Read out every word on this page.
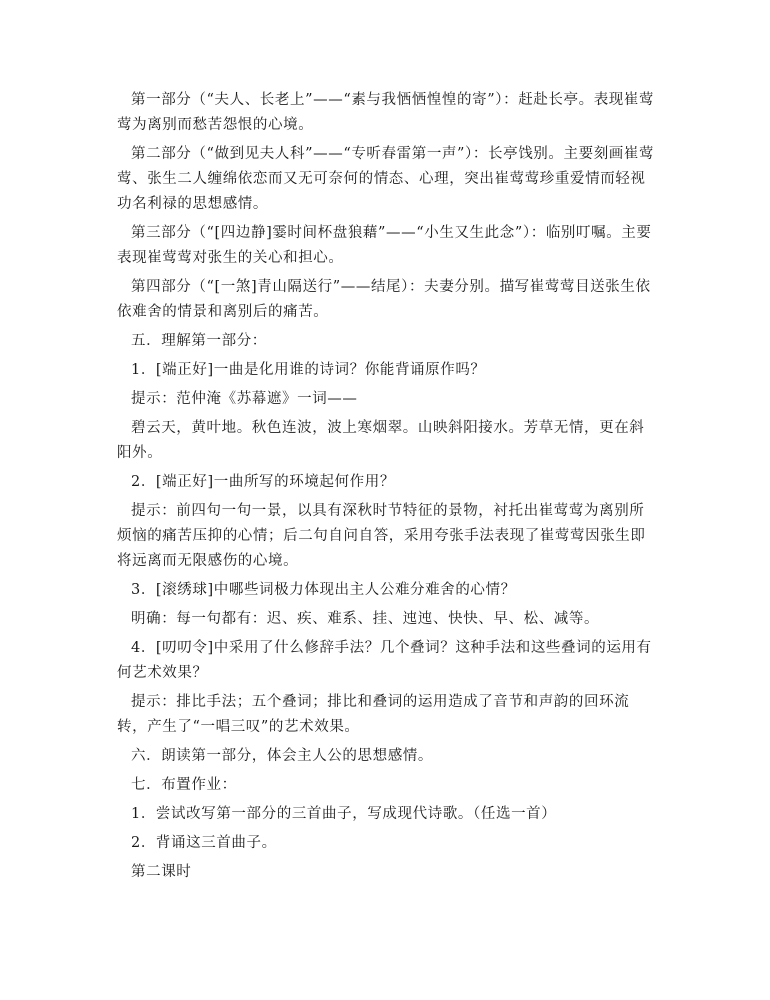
第一部分（“夫人、长老上”——“素与我恓恓惶惶的寄”）：赶赴长亭。表现崔莺莺为离别而愁苦怨恨的心境。

第二部分（“做到见夫人科”——“专听春雷第一声”）：长亭饯别。主要刻画崔莺莺、张生二人缠绵依恋而又无可奈何的情态、心理，突出崔莺莺珍重爱情而轻视功名利禄的思想感情。

第三部分（“[四边静]霎时间杯盘狼藉”——“小生又生此念”）：临别叮嘱。主要表现崔莺莺对张生的关心和担心。

第四部分（“[一煞]青山隔送行”——结尾）：夫妻分别。描写崔莺莺目送张生依依难舍的情景和离别后的痛苦。

五．理解第一部分：

1．[端正好]一曲是化用谁的诗词？你能背诵原作吗？

提示：范仲淹《苏幕遮》一词——

碧云天，黄叶地。秋色连波，波上寒烟翠。山映斜阳接水。芳草无情，更在斜阳外。

2．[端正好]一曲所写的环境起何作用？

提示：前四句一句一景，以具有深秋时节特征的景物，衬托出崔莺莺为离别所烦恼的痛苦压抑的心情；后二句自问自答，采用夸张手法表现了崔莺莺因张生即将远离而无限感伤的心境。

3．[滚绣球]中哪些词极力体现出主人公难分难舍的心情？

明确：每一句都有：迟、疾、难系、挂、迍迍、快快、早、松、减等。

4．[叨叨令]中采用了什么修辞手法？几个叠词？这种手法和这些叠词的运用有何艺术效果？

提示：排比手法；五个叠词；排比和叠词的运用造成了音节和声韵的回环流转，产生了“一唱三叹”的艺术效果。

六．朗读第一部分，体会主人公的思想感情。

七．布置作业：

1．尝试改写第一部分的三首曲子，写成现代诗歌。（任选一首）

2．背诵这三首曲子。

第二课时
